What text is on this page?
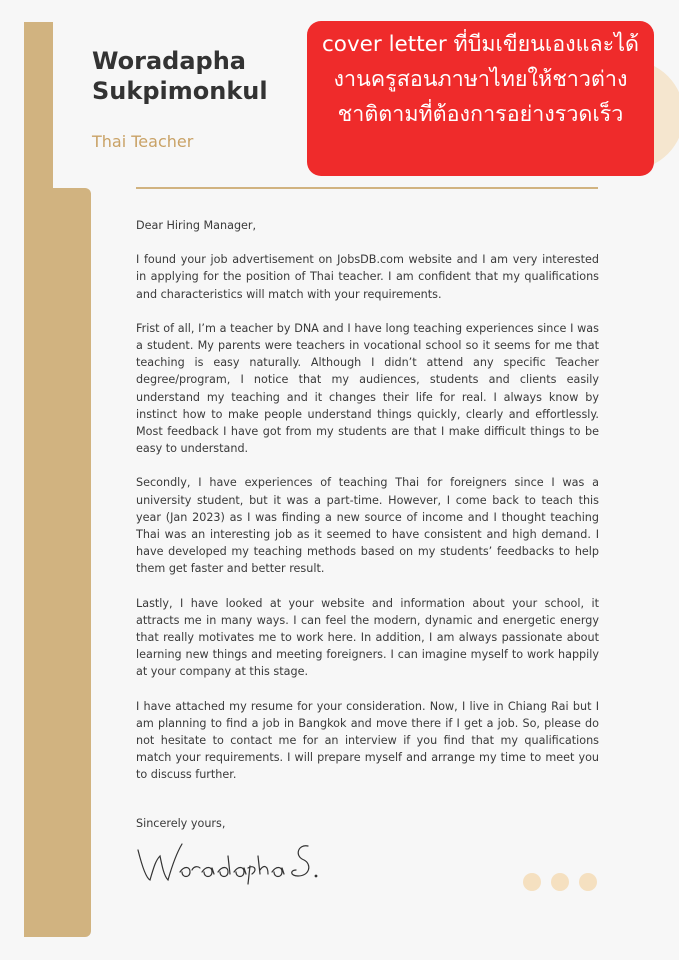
Woradapha
Sukpimonkul
Thai Teacher
cover letter ที่บีมเขียนเองและได้งานครูสอนภาษาไทยให้ชาวต่างชาติตามที่ต้องการอย่างรวดเร็ว

Dear Hiring Manager,

I found your job advertisement on JobsDB.com website and I am very interested in applying for the position of Thai teacher. I am confident that my qualifications and characteristics will match with your requirements.

Frist of all, I’m a teacher by DNA and I have long teaching experiences since I was a student. My parents were teachers in vocational school so it seems for me that teaching is easy naturally. Although I didn’t attend any specific Teacher degree/program, I notice that my audiences, students and clients easily understand my teaching and it changes their life for real. I always know by instinct how to make people understand things quickly, clearly and effortlessly. Most feedback I have got from my students are that I make difficult things to be easy to understand.

Secondly, I have experiences of teaching Thai for foreigners since I was a university student, but it was a part-time. However, I come back to teach this year (Jan 2023) as I was finding a new source of income and I thought teaching Thai was an interesting job as it seemed to have consistent and high demand. I have developed my teaching methods based on my students’ feedbacks to help them get faster and better result.

Lastly, I have looked at your website and information about your school, it attracts me in many ways. I can feel the modern, dynamic and energetic energy that really motivates me to work here. In addition, I am always passionate about learning new things and meeting foreigners. I can imagine myself to work happily at your company at this stage.

I have attached my resume for your consideration. Now, I live in Chiang Rai but I am planning to find a job in Bangkok and move there if I get a job. So, please do not hesitate to contact me for an interview if you find that my qualifications match your requirements. I will prepare myself and arrange my time to meet you to discuss further.

Sincerely yours,
